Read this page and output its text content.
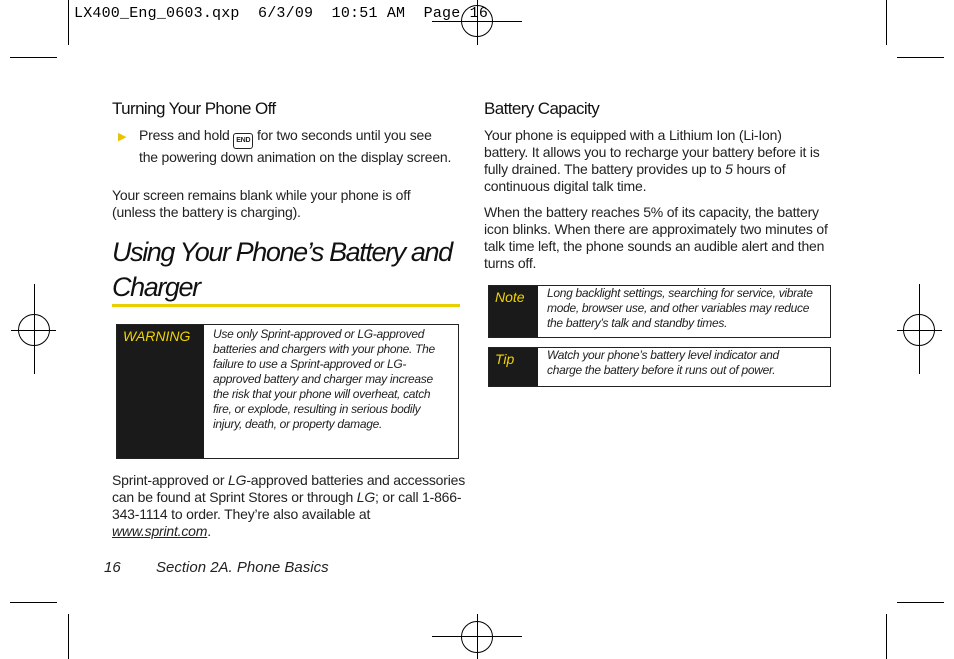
LX400_Eng_0603.qxp  6/3/09  10:51 AM  Page 16
Turning Your Phone Off
▶ Press and hold END for two seconds until you see the powering down animation on the display screen.

Your screen remains blank while your phone is off (unless the battery is charging).

Using Your Phone’s Battery and
Charger
WARNING	Use only Sprint-approved or LG-approved batteries and chargers with your phone. The failure to use a Sprint-approved or LG-approved battery and charger may increase the risk that your phone will overheat, catch fire, or explode, resulting in serious bodily injury, death, or property damage.
Sprint-approved or LG-approved batteries and accessories can be found at Sprint Stores or through LG; or call 1-866-343-1114 to order. They’re also available at www.sprint.com.
Battery Capacity
Your phone is equipped with a Lithium Ion (Li-Ion) battery. It allows you to recharge your battery before it is fully drained. The battery provides up to 5 hours of continuous digital talk time.

When the battery reaches 5% of its capacity, the battery icon blinks. When there are approximately two minutes of talk time left, the phone sounds an audible alert and then turns off.

Note	Long backlight settings, searching for service, vibrate mode, browser use, and other variables may reduce the battery’s talk and standby times.
Tip	Watch your phone’s battery level indicator and charge the battery before it runs out of power.
16 Section 2A. Phone Basics
